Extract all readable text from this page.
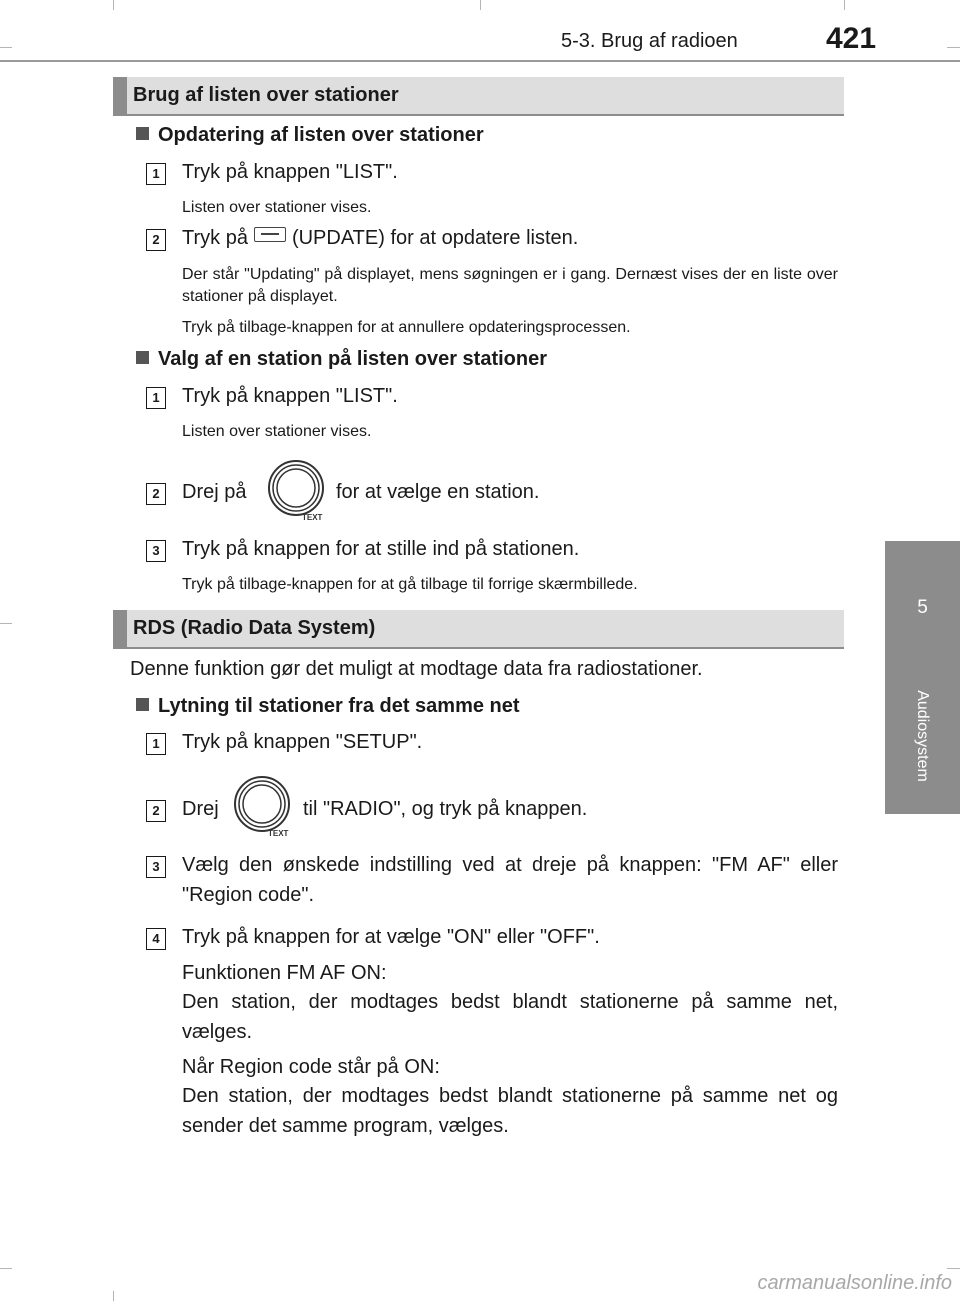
5-3. Brug af radioen	421
5
Audiosystem
Brug af listen over stationer
Opdatering af listen over stationer
1	Tryk på knappen "LIST".
Listen over stationer vises.
2	Tryk på (UPDATE) for at opdatere listen.
Der står "Updating" på displayet, mens søgningen er i gang. Dernæst vises der en liste over stationer på displayet.
Tryk på tilbage-knappen for at annullere opdateringsprocessen.
Valg af en station på listen over stationer
1	Tryk på knappen "LIST".
Listen over stationer vises.
2	Drej på
TEXT
for at vælge en station.
3	Tryk på knappen for at stille ind på stationen.
Tryk på tilbage-knappen for at gå tilbage til forrige skærmbillede.
RDS (Radio Data System)
Denne funktion gør det muligt at modtage data fra radiostationer.
Lytning til stationer fra det samme net
1	Tryk på knappen "SETUP".
2	Drej
TEXT
til "RADIO", og tryk på knappen.
3	Vælg den ønskede indstilling ved at dreje på knappen: "FM AF" eller "Region code".
4	Tryk på knappen for at vælge "ON" eller "OFF".
Funktionen FM AF ON:
Den station, der modtages bedst blandt stationerne på samme net, vælges.
Når Region code står på ON:
Den station, der modtages bedst blandt stationerne på samme net og sender det samme program, vælges.
carmanualsonline.info
